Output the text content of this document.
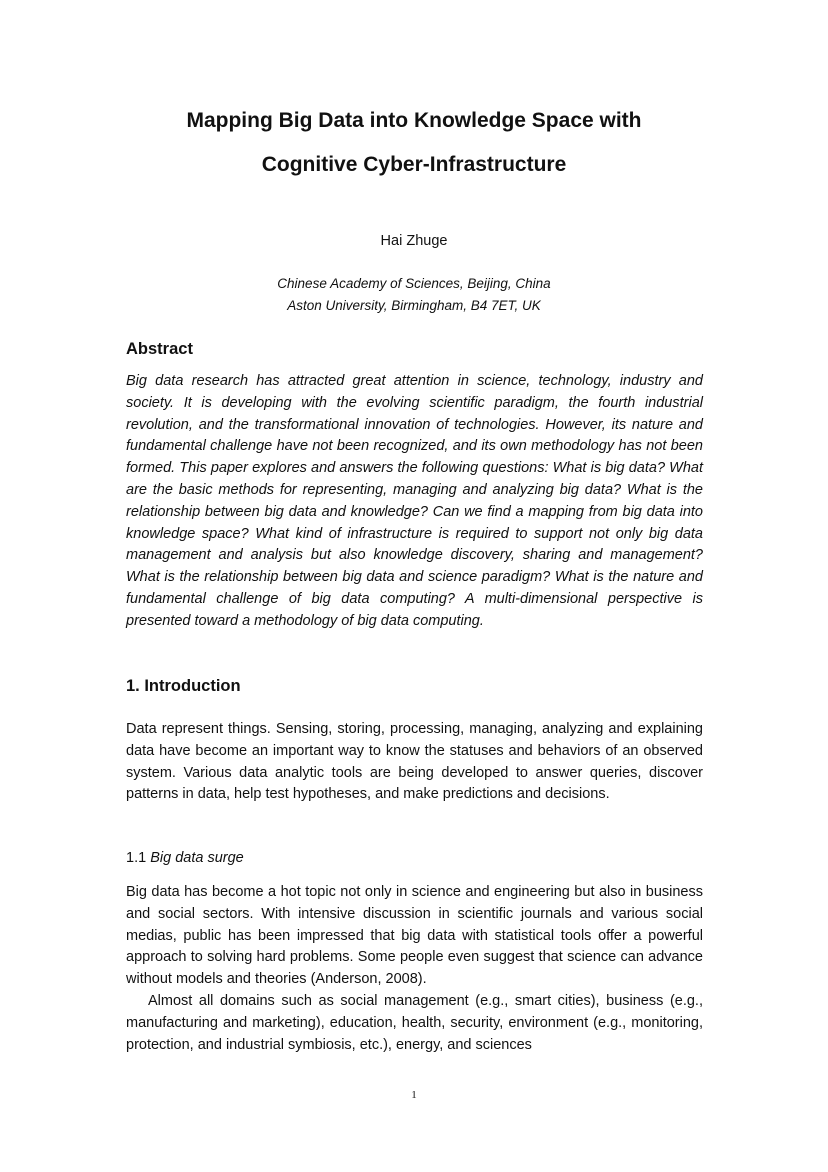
Mapping Big Data into Knowledge Space with
Cognitive Cyber-Infrastructure
Hai Zhuge
Chinese Academy of Sciences, Beijing, China
Aston University, Birmingham, B4 7ET, UK
Abstract

Big data research has attracted great attention in science, technology, industry and society. It is developing with the evolving scientific paradigm, the fourth industrial revolution, and the transformational innovation of technologies. However, its nature and fundamental challenge have not been recognized, and its own methodology has not been formed. This paper explores and answers the following questions: What is big data? What are the basic methods for representing, managing and analyzing big data? What is the relationship between big data and knowledge? Can we find a mapping from big data into knowledge space? What kind of infrastructure is required to support not only big data management and analysis but also knowledge discovery, sharing and management? What is the relationship between big data and science paradigm? What is the nature and fundamental challenge of big data computing? A multi-dimensional perspective is presented toward a methodology of big data computing.

1. Introduction

Data represent things. Sensing, storing, processing, managing, analyzing and explaining data have become an important way to know the statuses and behaviors of an observed system. Various data analytic tools are being developed to answer queries, discover patterns in data, help test hypotheses, and make predictions and decisions.

1.1 Big data surge

Big data has become a hot topic not only in science and engineering but also in business and social sectors. With intensive discussion in scientific journals and various social medias, public has been impressed that big data with statistical tools offer a powerful approach to solving hard problems. Some people even suggest that science can advance without models and theories (Anderson, 2008).

Almost all domains such as social management (e.g., smart cities), business (e.g., manufacturing and marketing), education, health, security, environment (e.g., monitoring, protection, and industrial symbiosis, etc.), energy, and sciences

1
